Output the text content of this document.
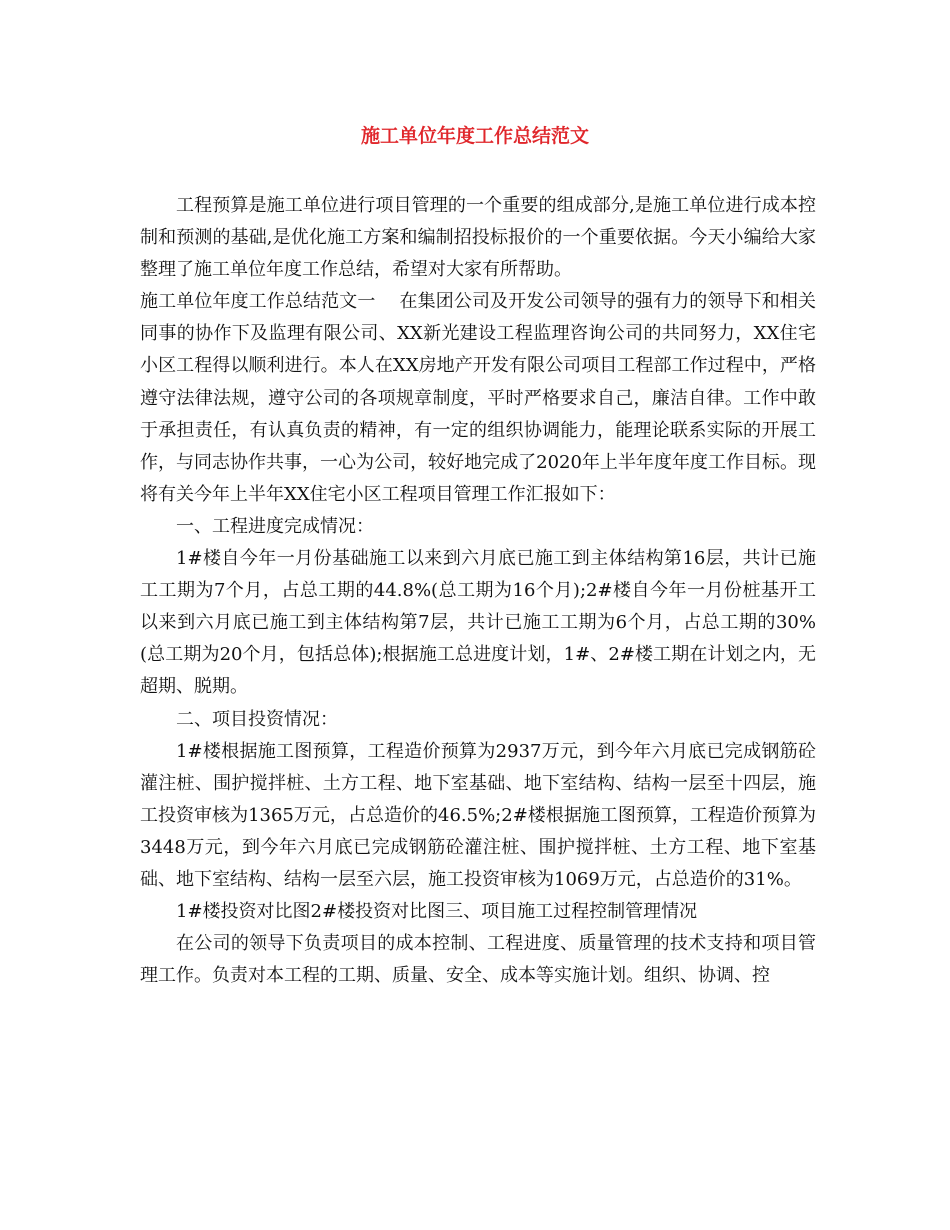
施工单位年度工作总结范文

工程预算是施工单位进行项目管理的一个重要的组成部分,是施工单位进行成本控制和预测的基础,是优化施工方案和编制招投标报价的一个重要依据。今天小编给大家整理了施工单位年度工作总结，希望对大家有所帮助。

施工单位年度工作总结范文一 在集团公司及开发公司领导的强有力的领导下和相关同事的协作下及监理有限公司、XX新光建设工程监理咨询公司的共同努力，XX住宅小区工程得以顺利进行。本人在XX房地产开发有限公司项目工程部工作过程中，严格遵守法律法规，遵守公司的各项规章制度，平时严格要求自己，廉洁自律。工作中敢于承担责任，有认真负责的精神，有一定的组织协调能力，能理论联系实际的开展工作，与同志协作共事，一心为公司，较好地完成了2020年上半年度年度工作目标。现将有关今年上半年XX住宅小区工程项目管理工作汇报如下：

一、工程进度完成情况：

1#楼自今年一月份基础施工以来到六月底已施工到主体结构第16层，共计已施工工期为7个月，占总工期的44.8%(总工期为16个月);2#楼自今年一月份桩基开工以来到六月底已施工到主体结构第7层，共计已施工工期为6个月，占总工期的30%(总工期为20个月，包括总体);根据施工总进度计划，1#、2#楼工期在计划之内，无超期、脱期。

二、项目投资情况：

1#楼根据施工图预算，工程造价预算为2937万元，到今年六月底已完成钢筋砼灌注桩、围护搅拌桩、土方工程、地下室基础、地下室结构、结构一层至十四层，施工投资审核为1365万元，占总造价的46.5%;2#楼根据施工图预算，工程造价预算为3448万元，到今年六月底已完成钢筋砼灌注桩、围护搅拌桩、土方工程、地下室基础、地下室结构、结构一层至六层，施工投资审核为1069万元，占总造价的31%。

1#楼投资对比图2#楼投资对比图三、项目施工过程控制管理情况

在公司的领导下负责项目的成本控制、工程进度、质量管理的技术支持和项目管理工作。负责对本工程的工期、质量、安全、成本等实施计划。组织、协调、控
